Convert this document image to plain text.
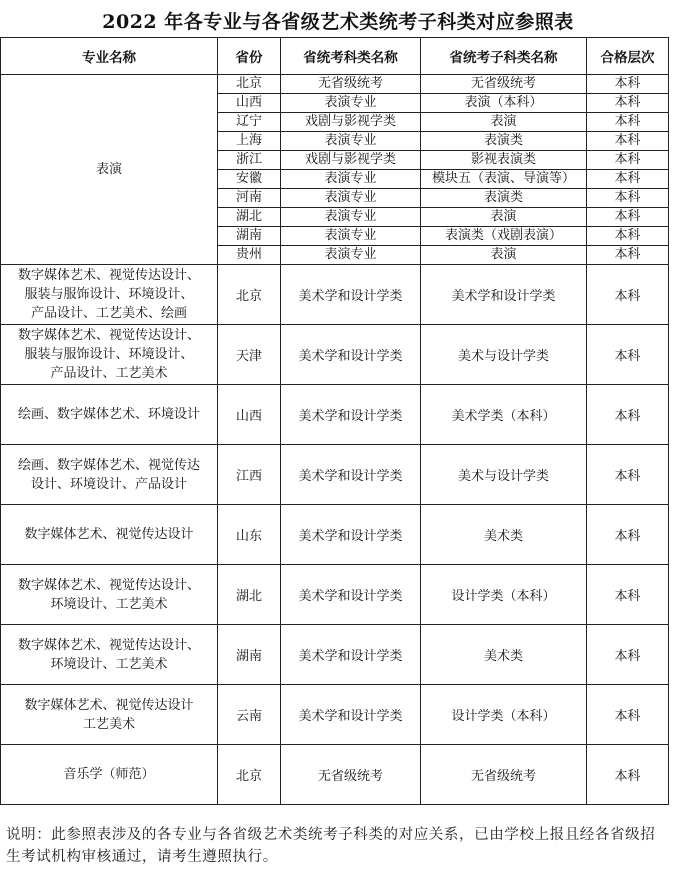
2022 年各专业与各省级艺术类统考子科类对应参照表
专业名称	省份	省统考科类名称	省统考子科类名称	合格层次
表演	北京	无省级统考	无省级统考	本科
	山西	表演专业	表演（本科）	本科
	辽宁	戏剧与影视学类	表演	本科
	上海	表演专业	表演类	本科
	浙江	戏剧与影视学类	影视表演类	本科
	安徽	表演专业	模块五（表演、导演等）	本科
	河南	表演专业	表演类	本科
	湖北	表演专业	表演	本科
	湖南	表演专业	表演类（戏剧表演）	本科
	贵州	表演专业	表演	本科

数字媒体艺术、视觉传达设计、
服装与服饰设计、环境设计、
产品设计、工艺美术、绘画	北京	美术学和设计学类	美术学和设计学类	本科

数字媒体艺术、视觉传达设计、
服装与服饰设计、环境设计、
产品设计、工艺美术	天津	美术学和设计学类	美术与设计学类	本科

绘画、数字媒体艺术、环境设计	山西	美术学和设计学类	美术学类（本科）	本科

绘画、数字媒体艺术、视觉传达
设计、环境设计、产品设计	江西	美术学和设计学类	美术与设计学类	本科

数字媒体艺术、视觉传达设计	山东	美术学和设计学类	美术类	本科

数字媒体艺术、视觉传达设计、
环境设计、工艺美术	湖北	美术学和设计学类	设计学类（本科）	本科

数字媒体艺术、视觉传达设计、
环境设计、工艺美术	湖南	美术学和设计学类	美术类	本科

数字媒体艺术、视觉传达设计
工艺美术	云南	美术学和设计学类	设计学类（本科）	本科

音乐学（师范）	北京	无省级统考	无省级统考	本科
说明：此参照表涉及的各专业与各省级艺术类统考子科类的对应关系，已由学校上报且经各省级招生考试机构审核通过，请考生遵照执行。
